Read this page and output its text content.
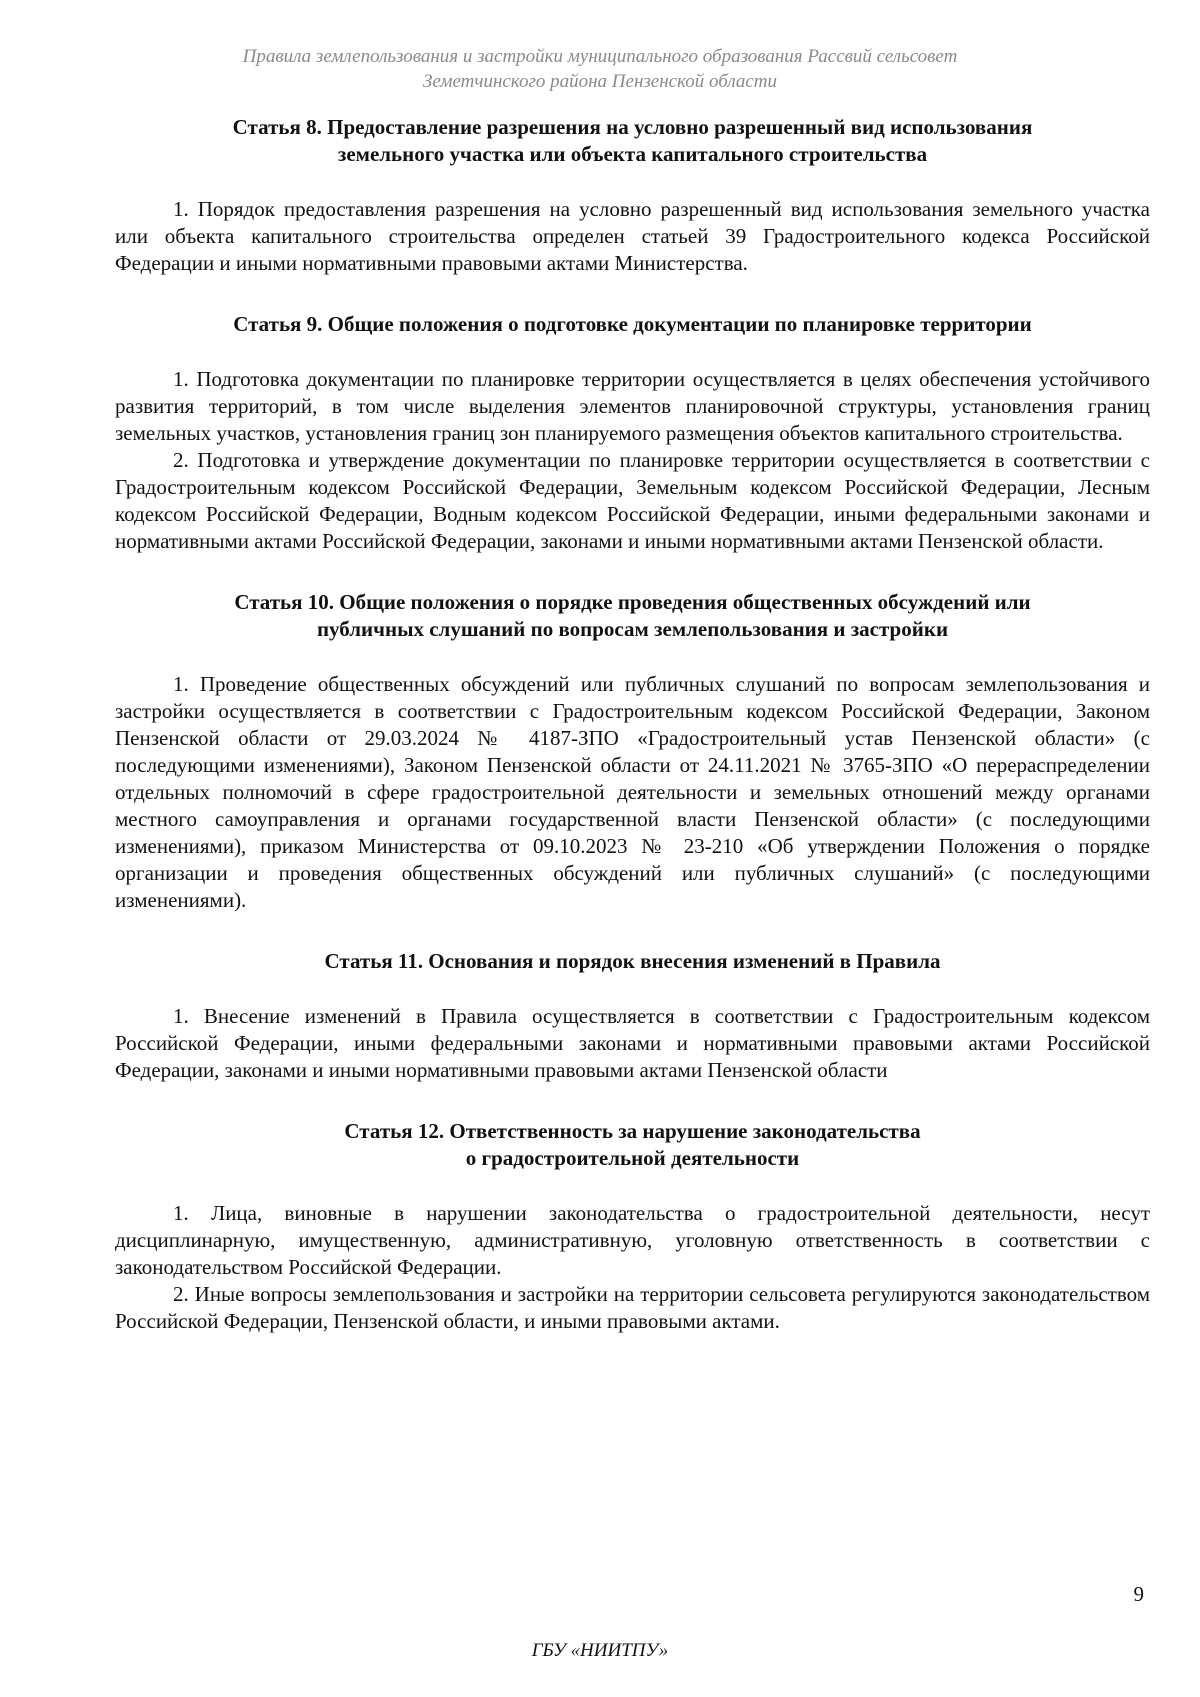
Правила землепользования и застройки муниципального образования Рассвий сельсовет
Земетчинского района Пензенской области
Статья 8. Предоставление разрешения на условно разрешенный вид использования
земельного участка или объекта капитального строительства

1. Порядок предоставления разрешения на условно разрешенный вид использования земельного участка или объекта капитального строительства определен статьей 39 Градостроительного кодекса Российской Федерации и иными нормативными правовыми актами Министерства.

Статья 9. Общие положения о подготовке документации по планировке территории

1. Подготовка документации по планировке территории осуществляется в целях обеспечения устойчивого развития территорий, в том числе выделения элементов планировочной структуры, установления границ земельных участков, установления границ зон планируемого размещения объектов капитального строительства.

2. Подготовка и утверждение документации по планировке территории осуществляется в соответствии с Градостроительным кодексом Российской Федерации, Земельным кодексом Российской Федерации, Лесным кодексом Российской Федерации, Водным кодексом Российской Федерации, иными федеральными законами и нормативными актами Российской Федерации, законами и иными нормативными актами Пензенской области.

Статья 10. Общие положения о порядке проведения общественных обсуждений или
публичных слушаний по вопросам землепользования и застройки

1. Проведение общественных обсуждений или публичных слушаний по вопросам землепользования и застройки осуществляется в соответствии с Градостроительным кодексом Российской Федерации, Законом Пензенской области от 29.03.2024 № 4187-ЗПО «Градостроительный устав Пензенской области» (с последующими изменениями), Законом Пензенской области от 24.11.2021 № 3765-ЗПО «О перераспределении отдельных полномочий в сфере градостроительной деятельности и земельных отношений между органами местного самоуправления и органами государственной власти Пензенской области» (с последующими изменениями), приказом Министерства от 09.10.2023 № 23-210 «Об утверждении Положения о порядке организации и проведения общественных обсуждений или публичных слушаний» (с последующими изменениями).

Статья 11. Основания и порядок внесения изменений в Правила

1. Внесение изменений в Правила осуществляется в соответствии с Градостроительным кодексом Российской Федерации, иными федеральными законами и нормативными правовыми актами Российской Федерации, законами и иными нормативными правовыми актами Пензенской области

Статья 12. Ответственность за нарушение законодательства
о градостроительной деятельности

1. Лица, виновные в нарушении законодательства о градостроительной деятельности, несут дисциплинарную, имущественную, административную, уголовную ответственность в соответствии с законодательством Российской Федерации.

2. Иные вопросы землепользования и застройки на территории сельсовета регулируются законодательством Российской Федерации, Пензенской области, и иными правовыми актами.

9
ГБУ «НИИТПУ»
